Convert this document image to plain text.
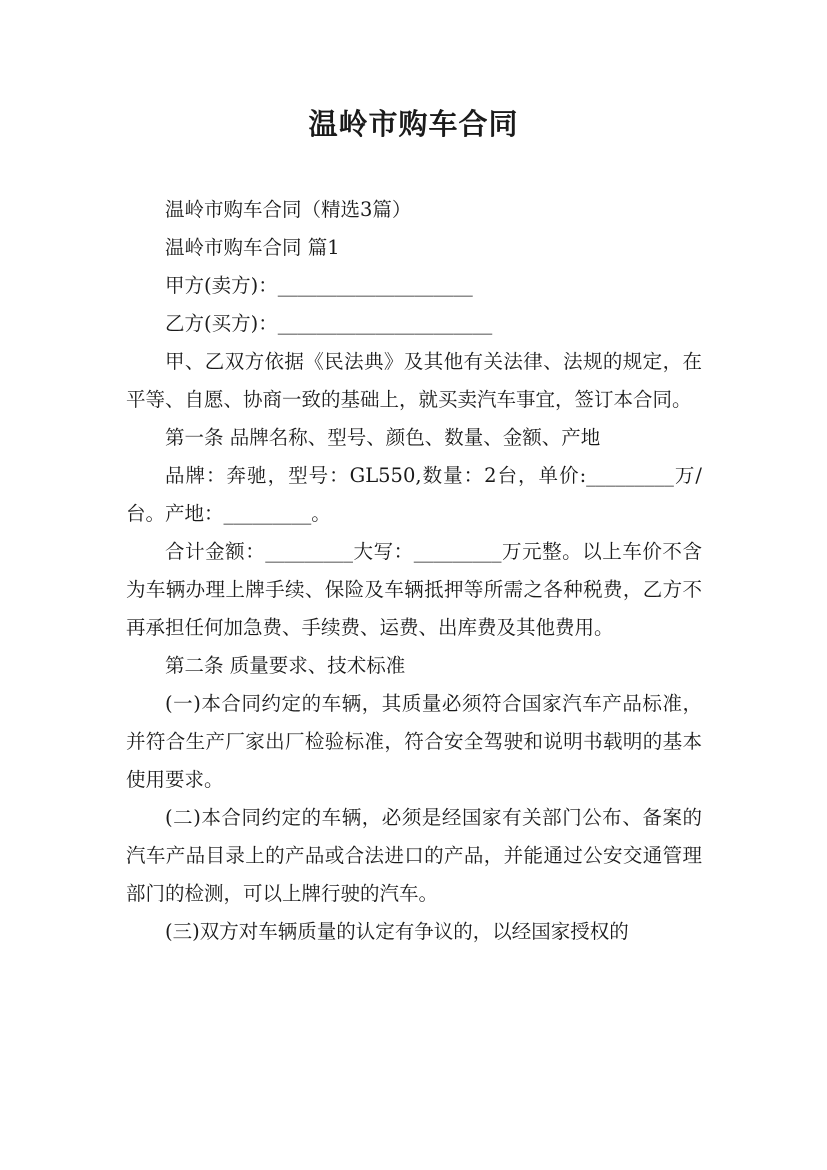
温岭市购车合同

温岭市购车合同（精选3篇）

温岭市购车合同 篇1

甲方(卖方)：____________________

乙方(买方)：______________________

甲、乙双方依据《民法典》及其他有关法律、法规的规定，在平等、自愿、协商一致的基础上，就买卖汽车事宜，签订本合同。

第一条 品牌名称、型号、颜色、数量、金额、产地

品牌：奔驰，型号：GL550,数量：2台，单价:_________万/台。产地：_________。

合计金额：_________大写：_________万元整。以上车价不含为车辆办理上牌手续、保险及车辆抵押等所需之各种税费，乙方不再承担任何加急费、手续费、运费、出库费及其他费用。

第二条 质量要求、技术标准

(一)本合同约定的车辆，其质量必须符合国家汽车产品标准，并符合生产厂家出厂检验标准，符合安全驾驶和说明书载明的基本使用要求。

(二)本合同约定的车辆，必须是经国家有关部门公布、备案的汽车产品目录上的产品或合法进口的产品，并能通过公安交通管理部门的检测，可以上牌行驶的汽车。

(三)双方对车辆质量的认定有争议的，以经国家授权的
